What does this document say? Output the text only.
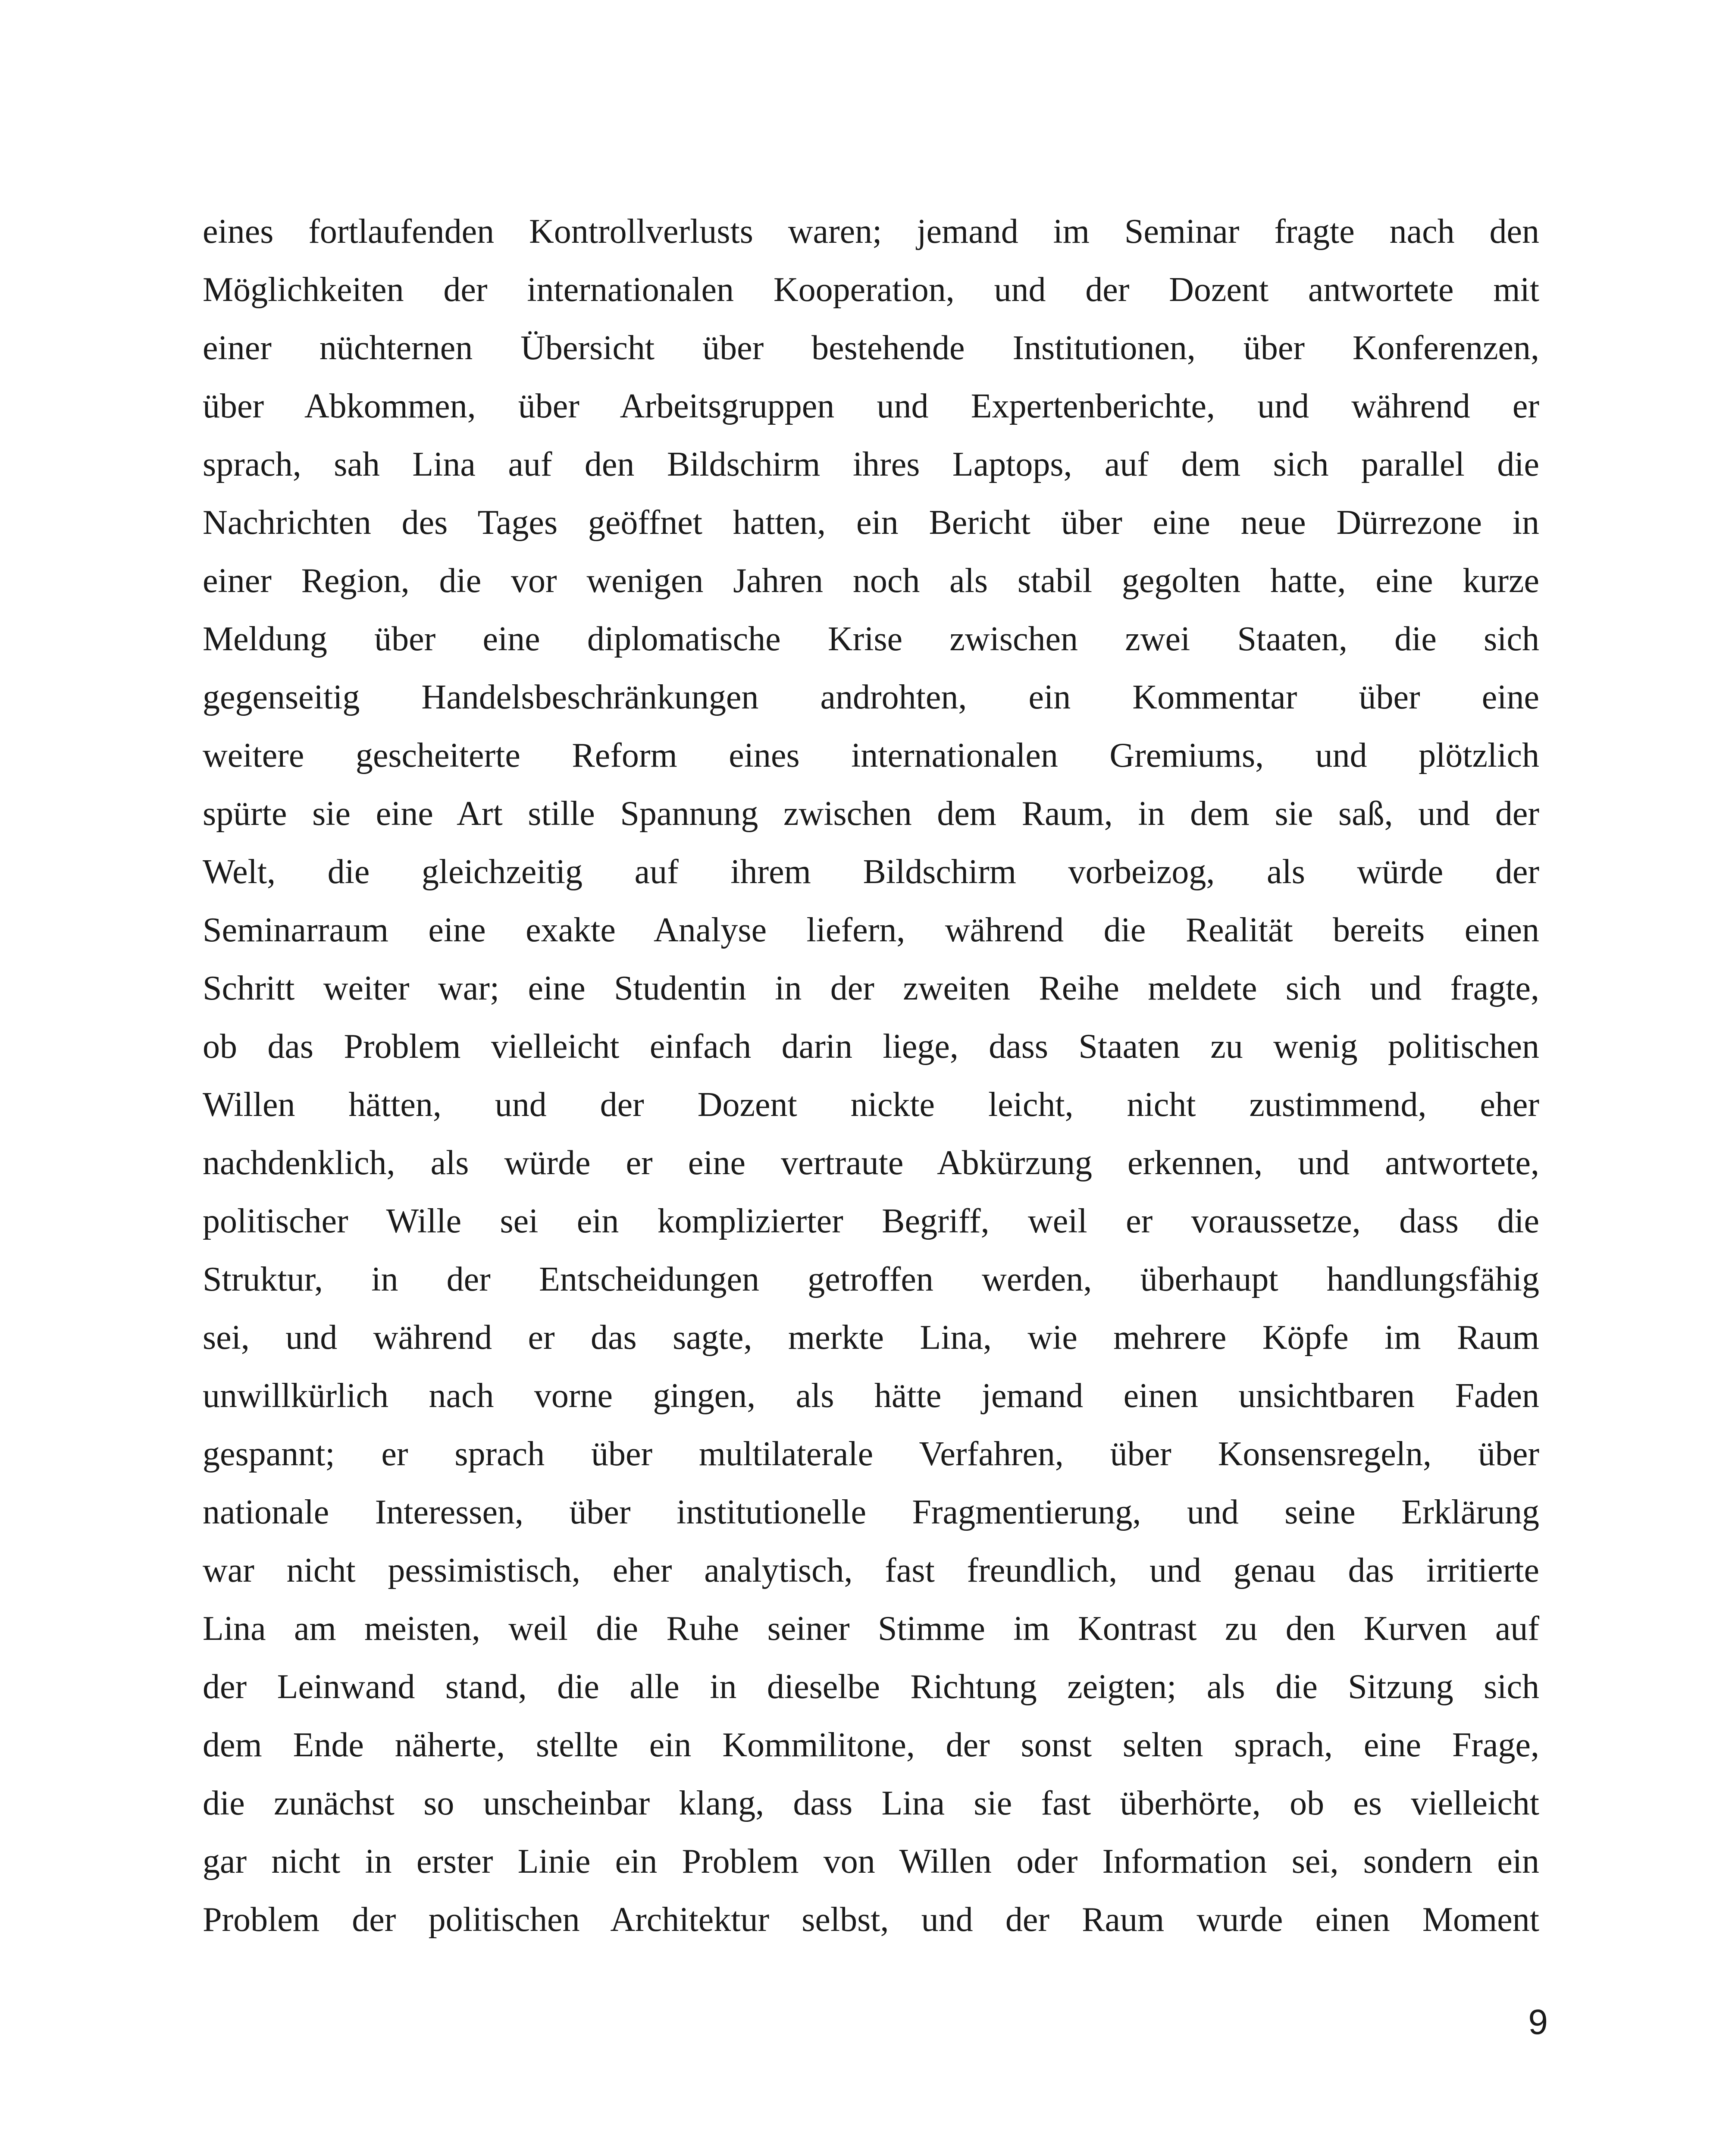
eines fortlaufenden Kontrollverlusts waren; jemand im Seminar fragte nach den
Möglichkeiten der internationalen Kooperation, und der Dozent antwortete mit
einer nüchternen Übersicht über bestehende Institutionen, über Konferenzen,
über Abkommen, über Arbeitsgruppen und Expertenberichte, und während er
sprach, sah Lina auf den Bildschirm ihres Laptops, auf dem sich parallel die
Nachrichten des Tages geöffnet hatten, ein Bericht über eine neue Dürrezone in
einer Region, die vor wenigen Jahren noch als stabil gegolten hatte, eine kurze
Meldung über eine diplomatische Krise zwischen zwei Staaten, die sich
gegenseitig Handelsbeschränkungen androhten, ein Kommentar über eine
weitere gescheiterte Reform eines internationalen Gremiums, und plötzlich
spürte sie eine Art stille Spannung zwischen dem Raum, in dem sie saß, und der
Welt, die gleichzeitig auf ihrem Bildschirm vorbeizog, als würde der
Seminarraum eine exakte Analyse liefern, während die Realität bereits einen
Schritt weiter war; eine Studentin in der zweiten Reihe meldete sich und fragte,
ob das Problem vielleicht einfach darin liege, dass Staaten zu wenig politischen
Willen hätten, und der Dozent nickte leicht, nicht zustimmend, eher
nachdenklich, als würde er eine vertraute Abkürzung erkennen, und antwortete,
politischer Wille sei ein komplizierter Begriff, weil er voraussetze, dass die
Struktur, in der Entscheidungen getroffen werden, überhaupt handlungsfähig
sei, und während er das sagte, merkte Lina, wie mehrere Köpfe im Raum
unwillkürlich nach vorne gingen, als hätte jemand einen unsichtbaren Faden
gespannt; er sprach über multilaterale Verfahren, über Konsensregeln, über
nationale Interessen, über institutionelle Fragmentierung, und seine Erklärung
war nicht pessimistisch, eher analytisch, fast freundlich, und genau das irritierte
Lina am meisten, weil die Ruhe seiner Stimme im Kontrast zu den Kurven auf
der Leinwand stand, die alle in dieselbe Richtung zeigten; als die Sitzung sich
dem Ende näherte, stellte ein Kommilitone, der sonst selten sprach, eine Frage,
die zunächst so unscheinbar klang, dass Lina sie fast überhörte, ob es vielleicht
gar nicht in erster Linie ein Problem von Willen oder Information sei, sondern ein
Problem der politischen Architektur selbst, und der Raum wurde einen Moment
9
